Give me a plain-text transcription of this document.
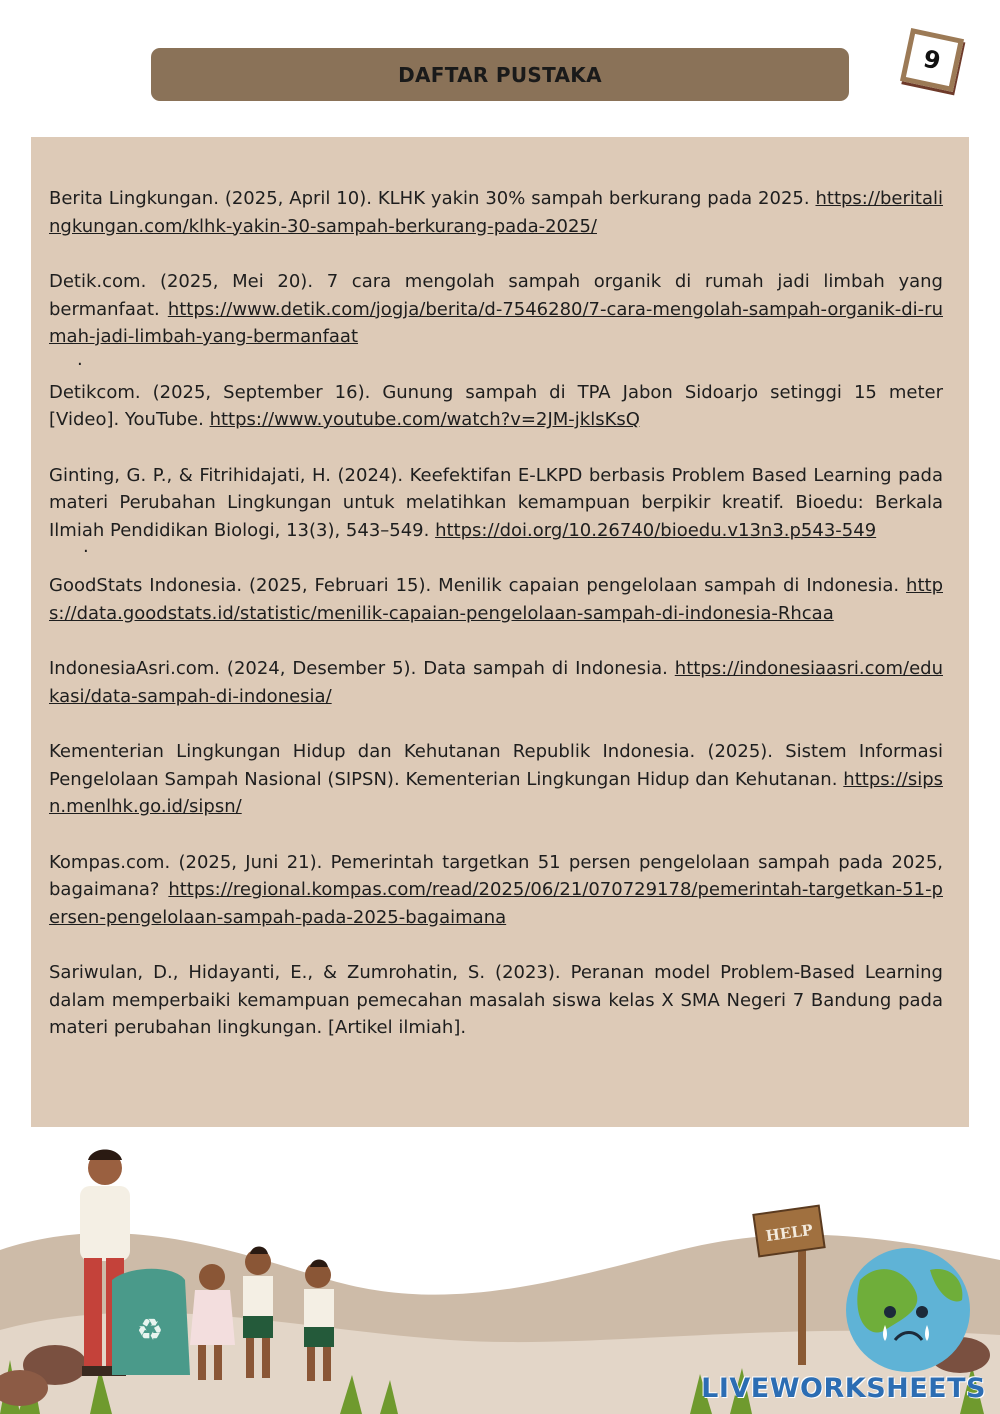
DAFTAR PUSTAKA	9

Berita Lingkungan. (2025, April 10). KLHK yakin 30% sampah berkurang pada 2025. https://beritalingkungan.com/klhk-yakin-30-sampah-berkurang-pada-2025/

Detik.com. (2025, Mei 20). 7 cara mengolah sampah organik di rumah jadi limbah yang bermanfaat. https://www.detik.com/jogja/berita/d-7546280/7-cara-mengolah-sampah-organik-di-rumah-jadi-limbah-yang-bermanfaat

.

Detikcom. (2025, September 16). Gunung sampah di TPA Jabon Sidoarjo setinggi 15 meter [Video]. YouTube. https://www.youtube.com/watch?v=2JM-jklsKsQ

Ginting, G. P., & Fitrihidajati, H. (2024). Keefektifan E-LKPD berbasis Problem Based Learning pada materi Perubahan Lingkungan untuk melatihkan kemampuan berpikir kreatif. Bioedu: Berkala Ilmiah Pendidikan Biologi, 13(3), 543–549. https://doi.org/10.26740/bioedu.v13n3.p543-549

.

GoodStats Indonesia. (2025, Februari 15). Menilik capaian pengelolaan sampah di Indonesia. https://data.goodstats.id/statistic/menilik-capaian-pengelolaan-sampah-di-indonesia-Rhcaa

IndonesiaAsri.com. (2024, Desember 5). Data sampah di Indonesia. https://indonesiaasri.com/edukasi/data-sampah-di-indonesia/

Kementerian Lingkungan Hidup dan Kehutanan Republik Indonesia. (2025). Sistem Informasi Pengelolaan Sampah Nasional (SIPSN). Kementerian Lingkungan Hidup dan Kehutanan. https://sipsn.menlhk.go.id/sipsn/

Kompas.com. (2025, Juni 21). Pemerintah targetkan 51 persen pengelolaan sampah pada 2025, bagaimana? https://regional.kompas.com/read/2025/06/21/070729178/pemerintah-targetkan-51-persen-pengelolaan-sampah-pada-2025-bagaimana

Sariwulan, D., Hidayanti, E., & Zumrohatin, S. (2023). Peranan model Problem-Based Learning dalam memperbaiki kemampuan pemecahan masalah siswa kelas X SMA Negeri 7 Bandung pada materi perubahan lingkungan. [Artikel ilmiah].

♻
HELP
LIVEWORKSHEETS
